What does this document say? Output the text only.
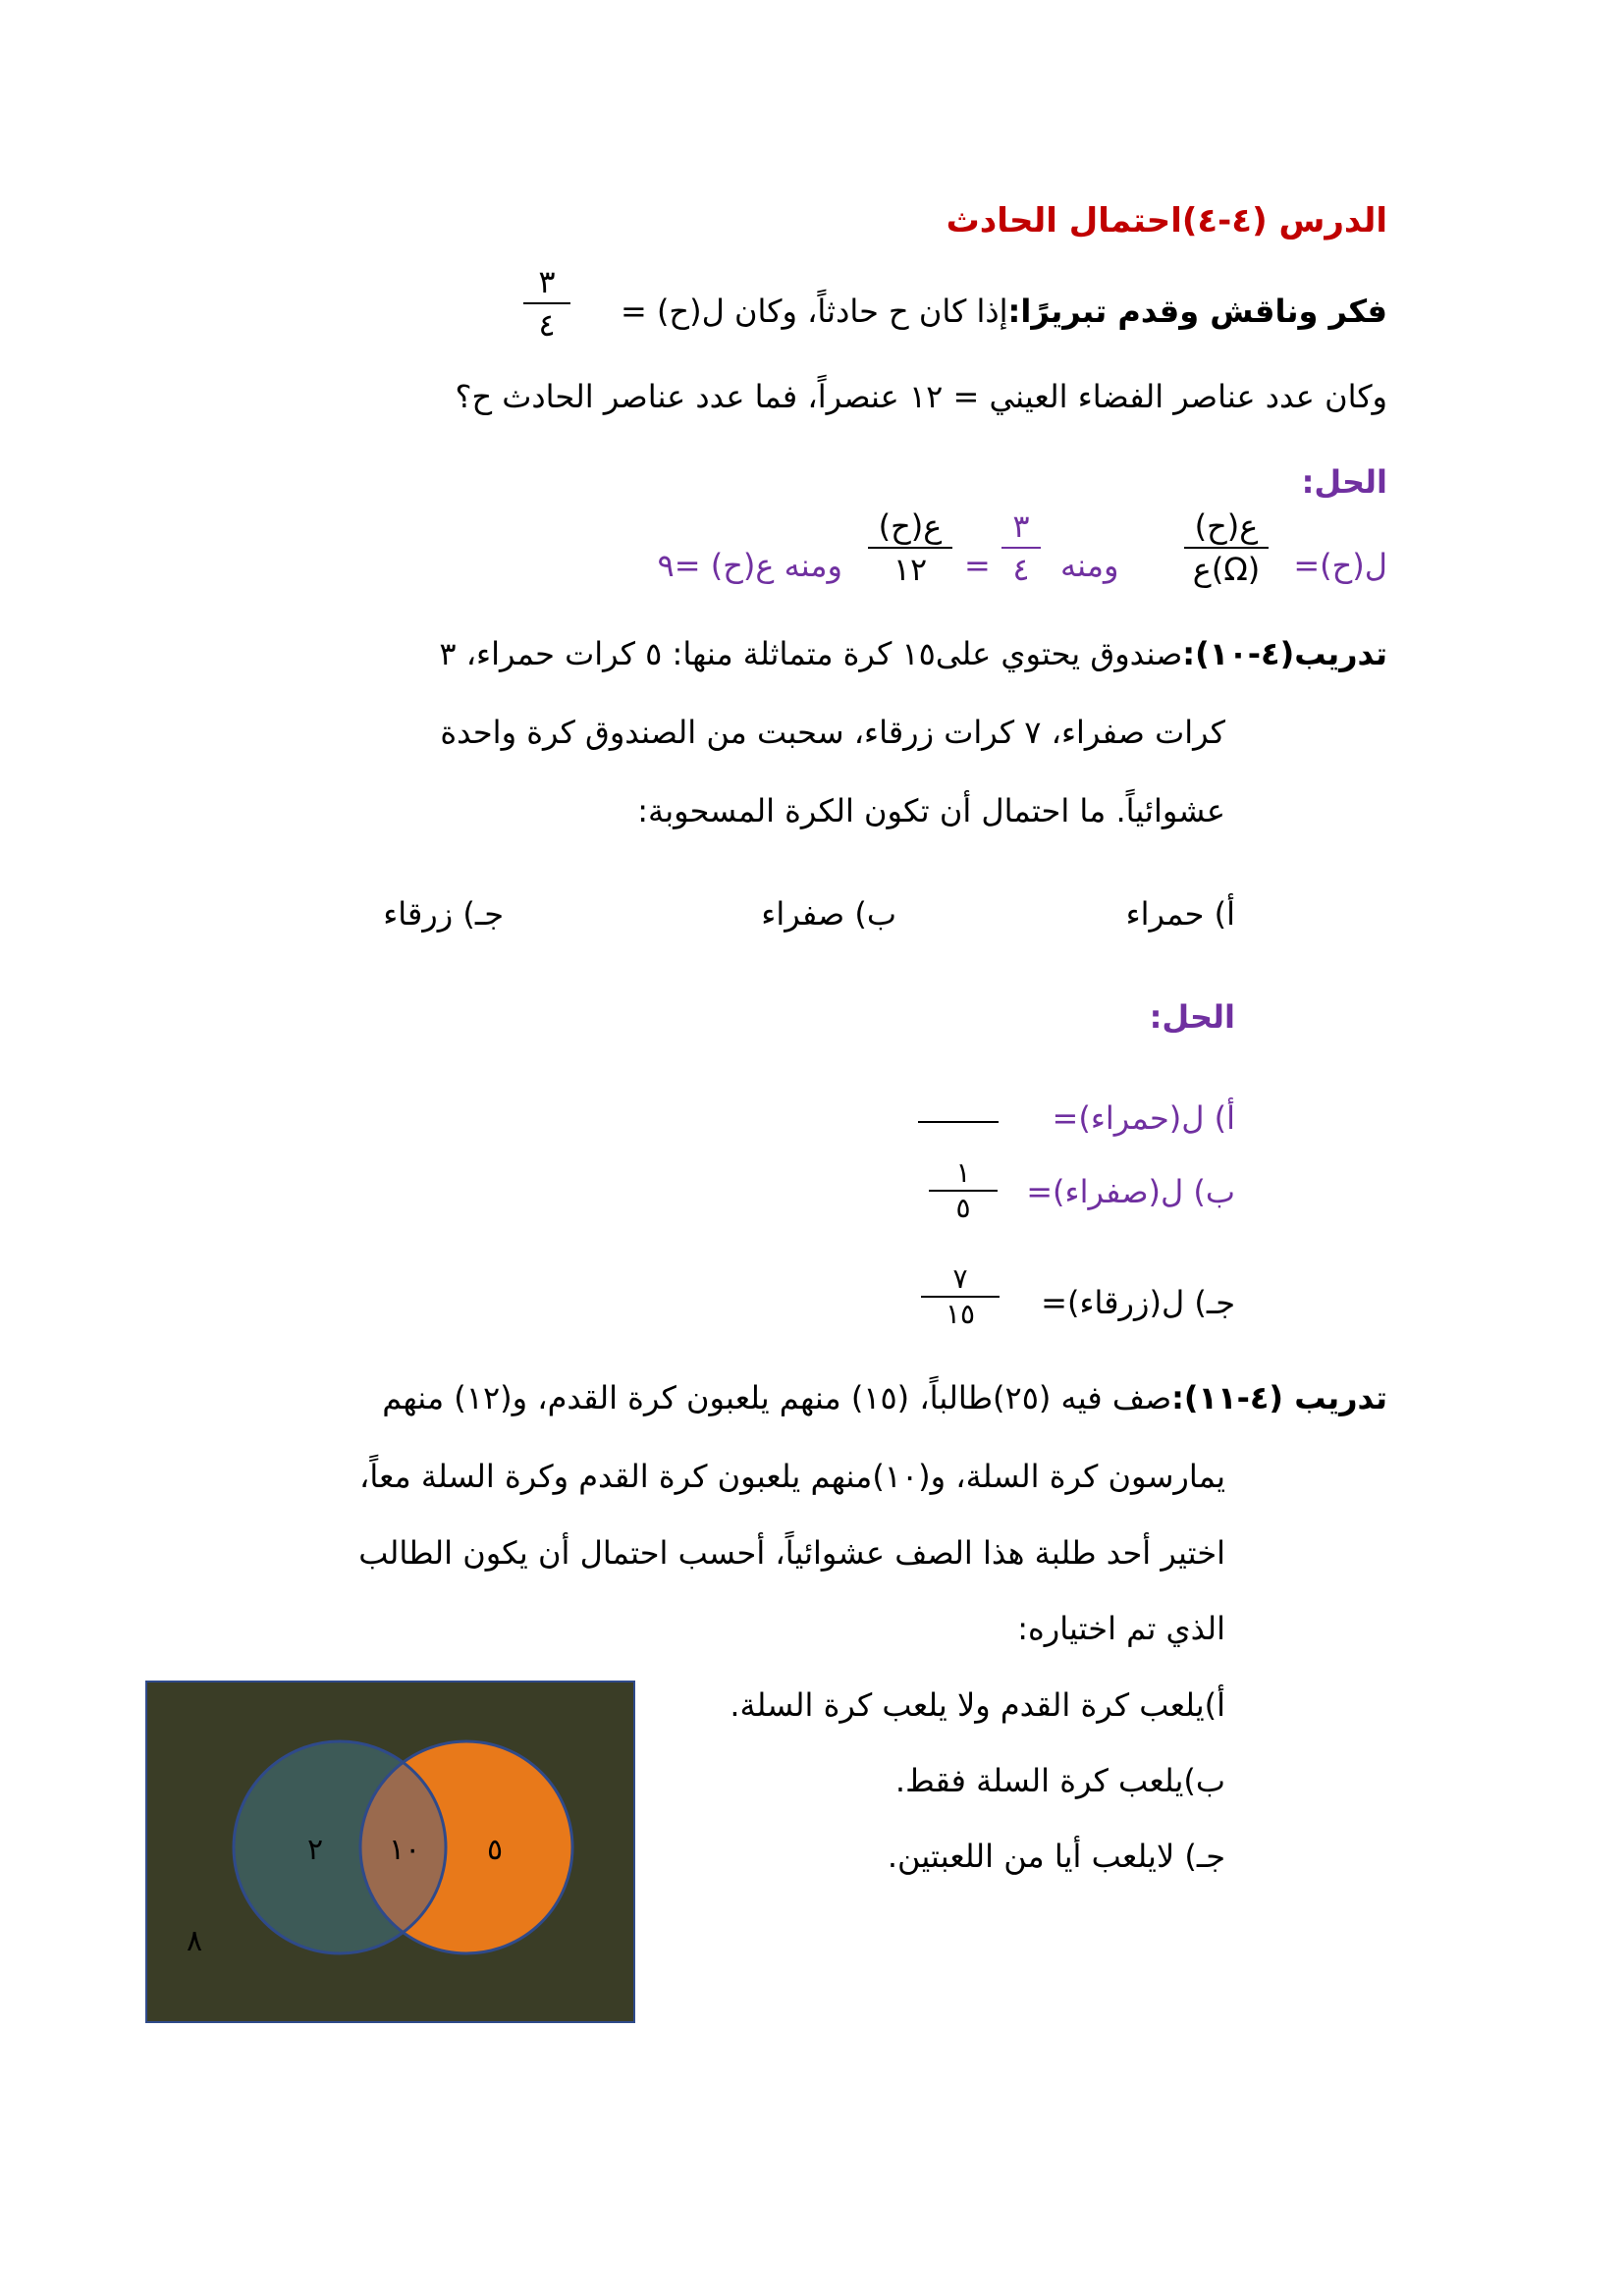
الدرس (٤-٤)احتمال الحادث
فكر وناقش وقدم تبريرًا:إذا كان ح حادثاً، وكان ل(ح) =
٣
٤
وكان عدد عناصر الفضاء العيني = ١٢ عنصراً، فما عدد عناصر الحادث ح؟
الحل:
ل(ح)=
ع(ح)
ع(Ω)
ومنه
٣
٤
=
ع(ح)
١٢
ومنه ع(ح) =٩
تدريب(٤-١٠):صندوق يحتوي على١٥ كرة متماثلة منها: ٥ كرات حمراء، ٣
كرات صفراء، ٧ كرات زرقاء، سحبت من الصندوق كرة واحدة
عشوائياً. ما احتمال أن تكون الكرة المسحوبة:
أ) حمراء
ب) صفراء
جـ) زرقاء
الحل:
أ) ل(حمراء)=
ب) ل(صفراء)=
١
٥
جـ) ل(زرقاء)=
٧
١٥
تدريب (٤-١١):صف فيه (٢٥)طالباً، (١٥) منهم يلعبون كرة القدم، و(١٢) منهم
يمارسون كرة السلة، و(١٠)منهم يلعبون كرة القدم وكرة السلة معاً،
اختير أحد طلبة هذا الصف عشوائياً، أحسب احتمال أن يكون الطالب
الذي تم اختياره:
أ)يلعب كرة القدم ولا يلعب كرة السلة.
ب)يلعب كرة السلة فقط.
جـ) لايلعب أيا من اللعبتين.
٢ ١٠ ٥
٨
